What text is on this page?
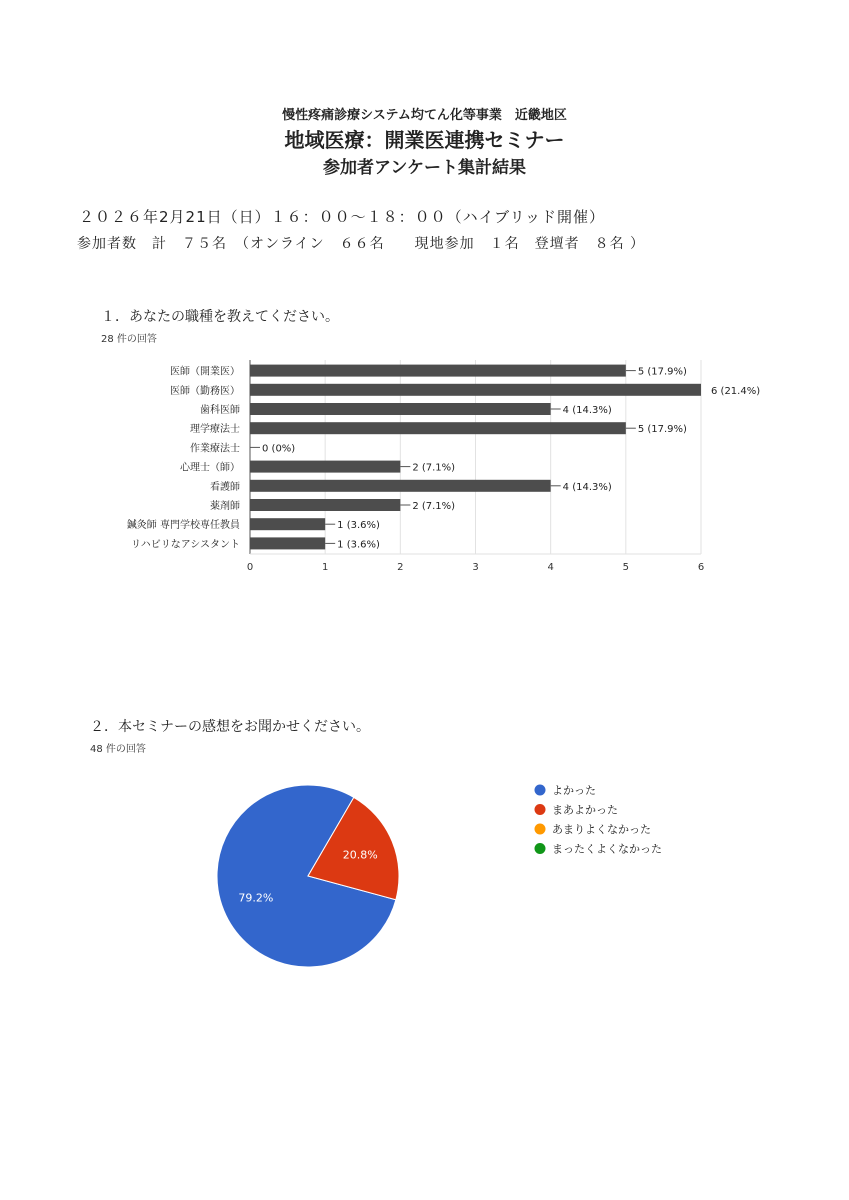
慢性疼痛診療システム均てん化等事業　近畿地区
地域医療：開業医連携セミナー
参加者アンケート集計結果
２０２６年2月21日（日）１６：００～１８：００（ハイブリッド開催）
参加者数　計　７５名　（オンライン　６６名　　現地参加　１名　登壇者　８名 ）
１．あなたの職種を教えてください。
28 件の回答
医師（開業医）
医師（勤務医）
歯科医師
理学療法士
作業療法士
心理士（師）
看護師
薬剤師
鍼灸師 専門学校専任教員
リハビリなアシスタント
5 (17.9%)
6 (21.4%)
4 (14.3%)
5 (17.9%)
0 (0%)
2 (7.1%)
4 (14.3%)
2 (7.1%)
1 (3.6%)
1 (3.6%)
0	1	2	3	4	5	6
２．本セミナーの感想をお聞かせください。
48 件の回答
79.2%
20.8%
よかった
まあよかった
あまりよくなかった
まったくよくなかった
